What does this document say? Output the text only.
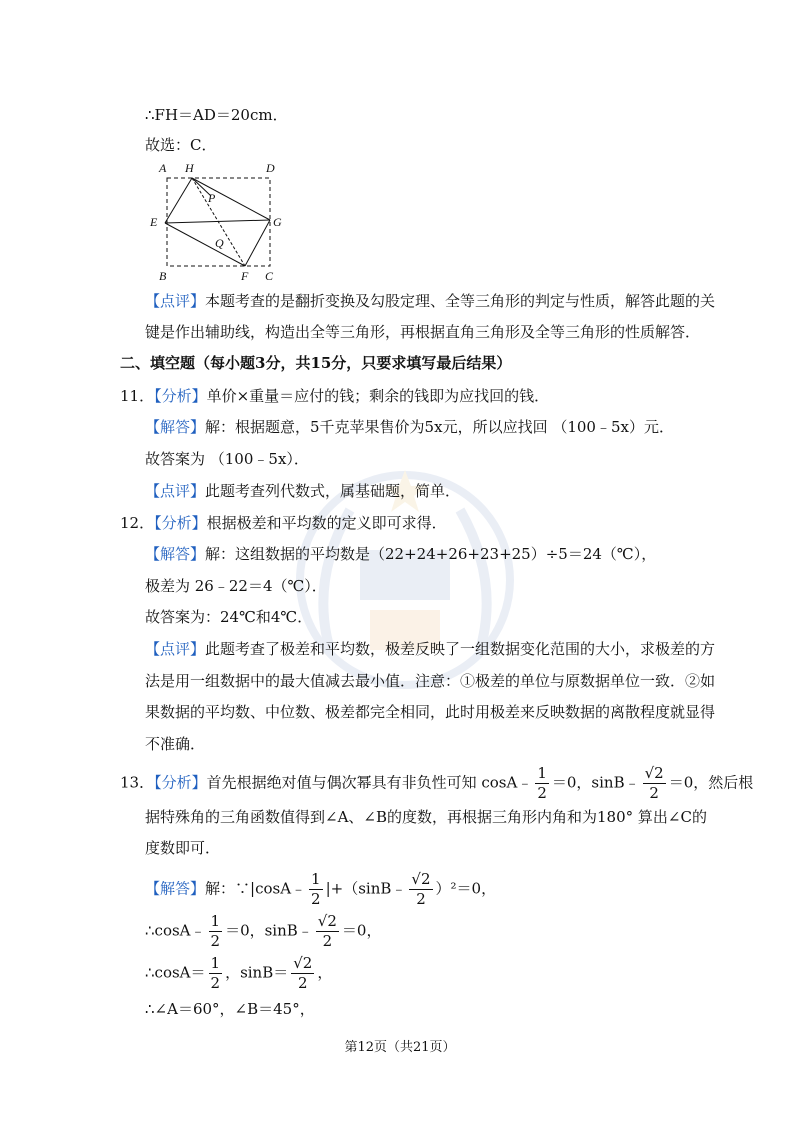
∴FH＝AD＝20cm．
故选：C．
A H	D
P
E	G
Q
B	F C
【点评】本题考查的是翻折变换及勾股定理、全等三角形的判定与性质，解答此题的关
键是作出辅助线，构造出全等三角形，再根据直角三角形及全等三角形的性质解答．
二、填空题（每小题3分，共15分，只要求填写最后结果）
11．【分析】单价×重量＝应付的钱；剩余的钱即为应找回的钱．
【解答】解：根据题意，5千克苹果售价为5x元，所以应找回 （100﹣5x）元．
故答案为 （100﹣5x）．
【点评】此题考查列代数式，属基础题，简单．
12．【分析】根据极差和平均数的定义即可求得．
【解答】解：这组数据的平均数是（22+24+26+23+25）÷5＝24（℃），
极差为 26﹣22＝4（℃）．
故答案为：24℃和4℃．
【点评】此题考查了极差和平均数，极差反映了一组数据变化范围的大小，求极差的方
法是用一组数据中的最大值减去最小值．注意：①极差的单位与原数据单位一致．②如
果数据的平均数、中位数、极差都完全相同，此时用极差来反映数据的离散程度就显得
不准确．
13．【分析】首先根据绝对值与偶次幂具有非负性可知 cosA﹣ $\frac{1}{2} =0$，sinB﹣ $\frac{√2}{2} =0$，然后根
据特殊角的三角函数值得到∠A、∠B的度数，再根据三角形内角和为180° 算出∠C的
度数即可．
【解答】解：∵|cosA﹣ $\frac{1}{2}$ |+（sinB﹣ $\frac{√2}{2} )^2=0$，
∴cosA﹣ $\frac{1}{2} =0$，sinB﹣ $\frac{√2}{2} =0$，
∴cosA＝ $\frac{1}{2}$ ，$\sin B= \frac{√2}{2}$ ，
∴∠A＝60°，∠B＝45°，
第12页（共21页）
